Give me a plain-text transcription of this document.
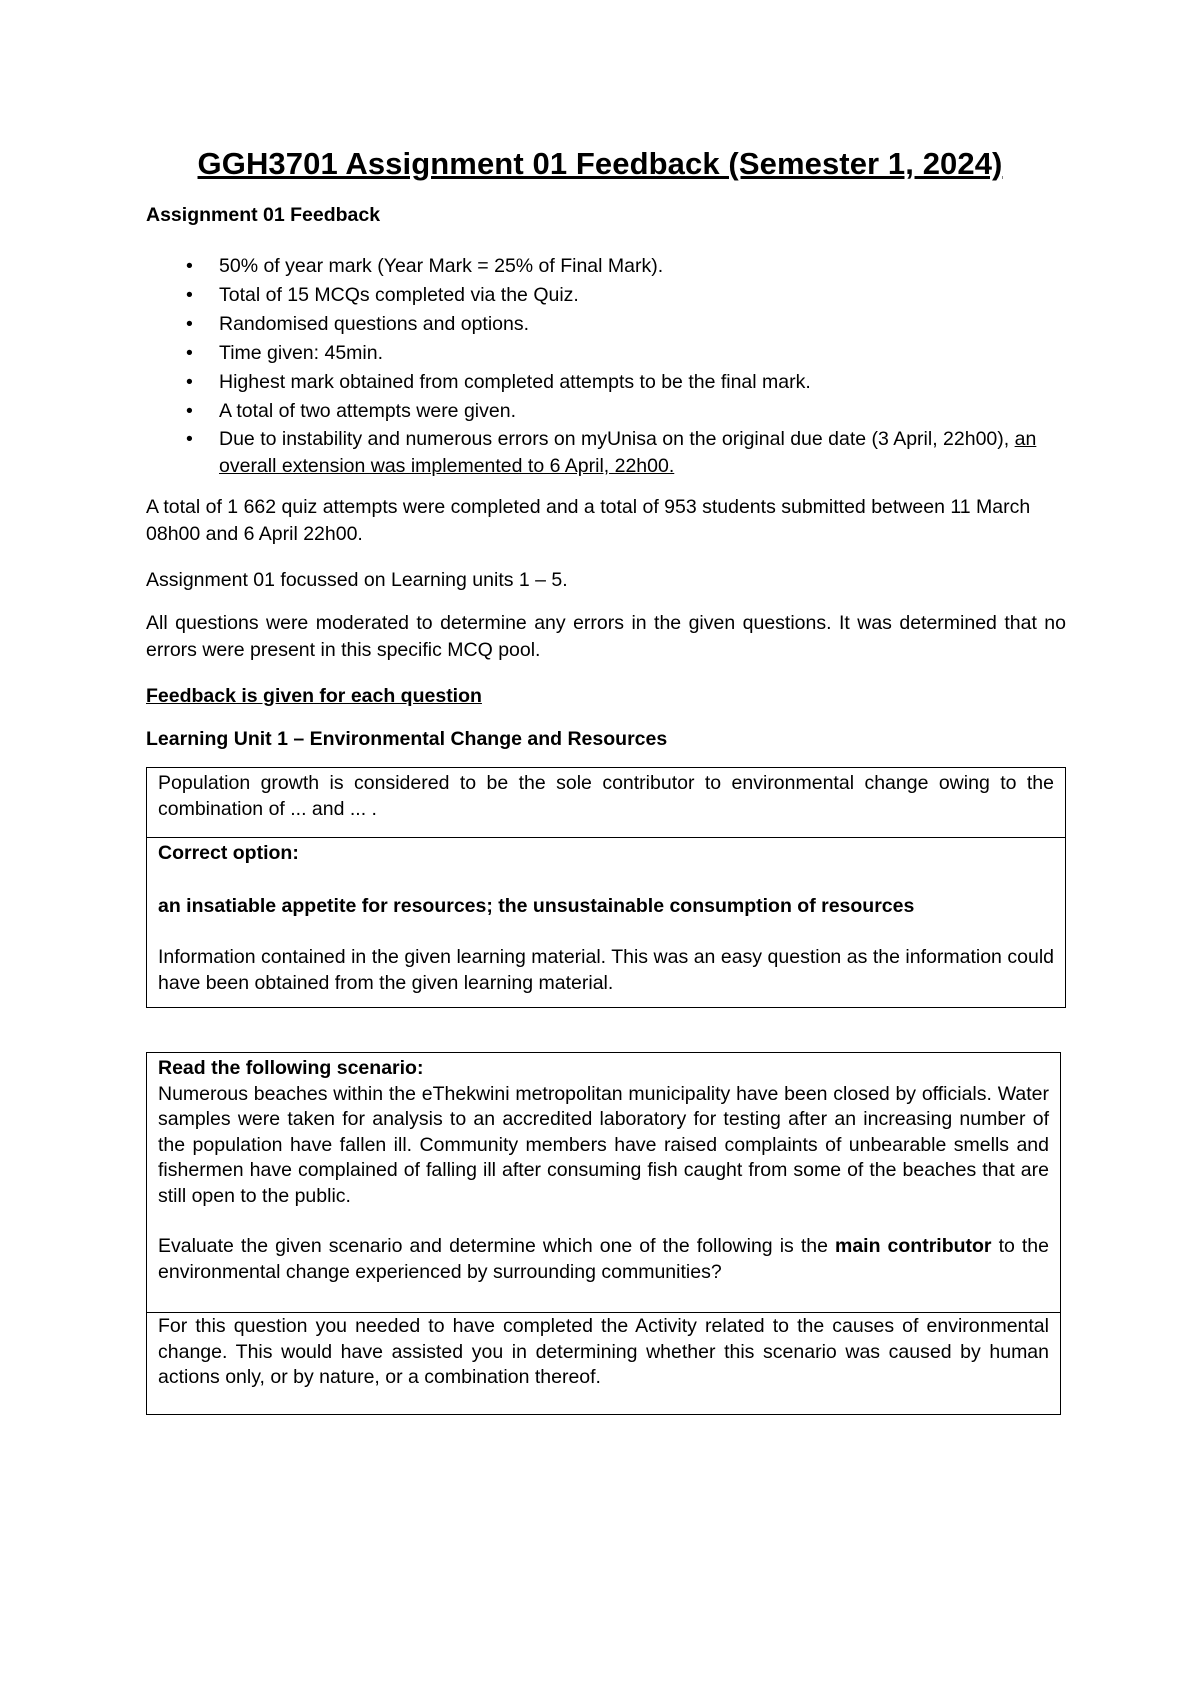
GGH3701 Assignment 01 Feedback (Semester 1, 2024)

Assignment 01 Feedback

• 50% of year mark (Year Mark = 25% of Final Mark).
• Total of 15 MCQs completed via the Quiz.
• Randomised questions and options.
• Time given: 45min.
• Highest mark obtained from completed attempts to be the final mark.
• A total of two attempts were given.
• Due to instability and numerous errors on myUnisa on the original due date (3 April, 22h00), an overall extension was implemented to 6 April, 22h00.

A total of 1 662 quiz attempts were completed and a total of 953 students submitted between 11 March 08h00 and 6 April 22h00.

Assignment 01 focussed on Learning units 1 – 5.

All questions were moderated to determine any errors in the given questions. It was determined that no errors were present in this specific MCQ pool.

Feedback is given for each question

Learning Unit 1 – Environmental Change and Resources

Population growth is considered to be the sole contributor to environmental change owing to the combination of ... and ... .

Correct option:

an insatiable appetite for resources; the unsustainable consumption of resources

Information contained in the given learning material. This was an easy question as the information could have been obtained from the given learning material.

Read the following scenario:

Numerous beaches within the eThekwini metropolitan municipality have been closed by officials. Water samples were taken for analysis to an accredited laboratory for testing after an increasing number of the population have fallen ill. Community members have raised complaints of unbearable smells and fishermen have complained of falling ill after consuming fish caught from some of the beaches that are still open to the public.

Evaluate the given scenario and determine which one of the following is the main contributor to the environmental change experienced by surrounding communities?

For this question you needed to have completed the Activity related to the causes of environmental change. This would have assisted you in determining whether this scenario was caused by human actions only, or by nature, or a combination thereof.
